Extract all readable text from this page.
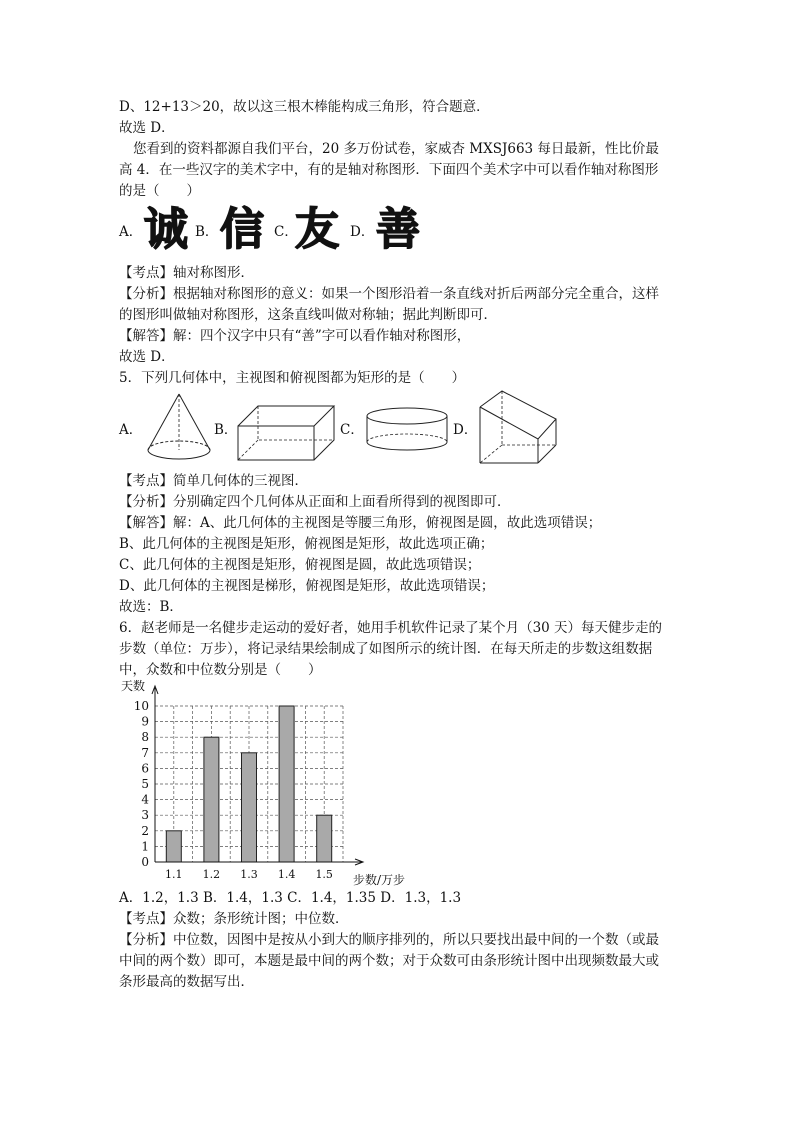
D、12+13＞20，故以这三根木棒能构成三角形，符合题意．
故选 D．
您看到的资料都源自我们平台，20 多万份试卷，家威杏 MXSJ663 每日最新，性比价最
高 4．在一些汉字的美术字中，有的是轴对称图形．下面四个美术字中可以看作轴对称图形
的是（　　）
A． 诚 B． 信 C．
友 D． 善
【考点】轴对称图形．
【分析】根据轴对称图形的意义：如果一个图形沿着一条直线对折后两部分完全重合，这样
的图形叫做轴对称图形，这条直线叫做对称轴；据此判断即可．
【解答】解：四个汉字中只有“善”字可以看作轴对称图形，
故选 D．
5．下列几何体中，主视图和俯视图都为矩形的是（　　）
A．	B．	C．	D．
【考点】简单几何体的三视图．
【分析】分别确定四个几何体从正面和上面看所得到的视图即可．
【解答】解：A、此几何体的主视图是等腰三角形，俯视图是圆，故此选项错误；
B、此几何体的主视图是矩形，俯视图是矩形，故此选项正确；
C、此几何体的主视图是矩形，俯视图是圆，故此选项错误；
D、此几何体的主视图是梯形，俯视图是矩形，故此选项错误；
故选：B．
6．赵老师是一名健步走运动的爱好者，她用手机软件记录了某个月（30 天）每天健步走的
步数（单位：万步），将记录结果绘制成了如图所示的统计图．在每天所走的步数这组数据
中，众数和中位数分别是（　　）
1.1 1.2 1.3 1.4 1.5
0
1
2
3
4
5
6
7
8
9
10
天数
步数/万步
A．1.2，1.3 B．1.4，1.3 C．1.4，1.35 D．1.3，1.3
【考点】众数；条形统计图；中位数．
【分析】中位数，因图中是按从小到大的顺序排列的，所以只要找出最中间的一个数（或最
中间的两个数）即可，本题是最中间的两个数；对于众数可由条形统计图中出现频数最大或
条形最高的数据写出．
